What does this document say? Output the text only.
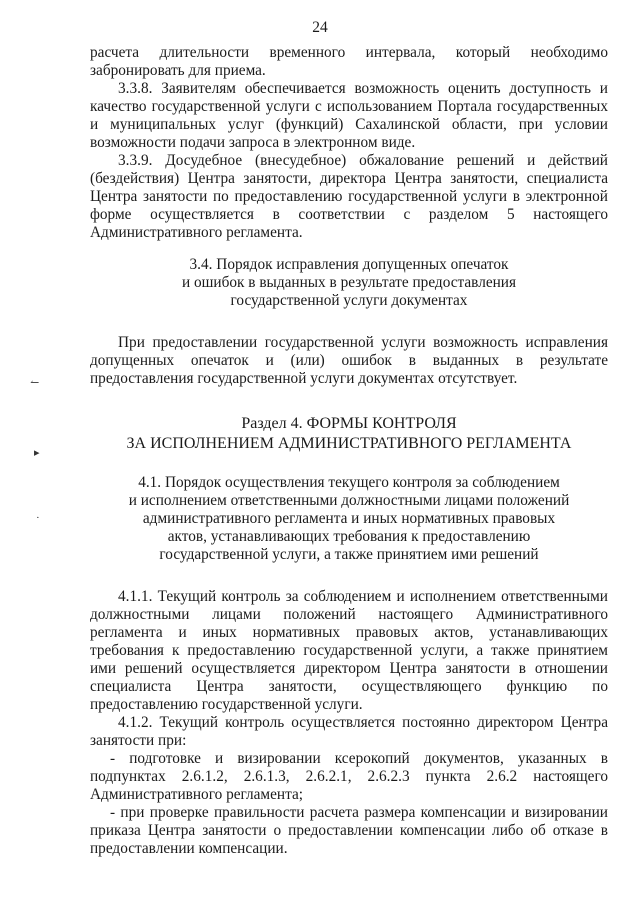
24
↼
▸
·

расчета длительности временного интервала, который необходимо забронировать для приема.

3.3.8. Заявителям обеспечивается возможность оценить доступность и качество государственной услуги с использованием Портала государственных и муниципальных услуг (функций) Сахалинской области, при условии возможности подачи запроса в электронном виде.

3.3.9. Досудебное (внесудебное) обжалование решений и действий (бездействия) Центра занятости, директора Центра занятости, специалиста Центра занятости по предоставлению государственной услуги в электронной форме осуществляется в соответствии с разделом 5 настоящего Административного регламента.

3.4. Порядок исправления допущенных опечаток
и ошибок в выданных в результате предоставления
государственной услуги документах

При предоставлении государственной услуги возможность исправления допущенных опечаток и (или) ошибок в выданных в результате предоставления государственной услуги документах отсутствует.

Раздел 4. ФОРМЫ КОНТРОЛЯ
ЗА ИСПОЛНЕНИЕМ АДМИНИСТРАТИВНОГО РЕГЛАМЕНТА
4.1. Порядок осуществления текущего контроля за соблюдением
и исполнением ответственными должностными лицами положений
административного регламента и иных нормативных правовых
актов, устанавливающих требования к предоставлению
государственной услуги, а также принятием ими решений

4.1.1. Текущий контроль за соблюдением и исполнением ответственными должностными лицами положений настоящего Административного регламента и иных нормативных правовых актов, устанавливающих требования к предоставлению государственной услуги, а также принятием ими решений осуществляется директором Центра занятости в отношении специалиста Центра занятости, осуществляющего функцию по предоставлению государственной услуги.

4.1.2. Текущий контроль осуществляется постоянно директором Центра занятости при:

- подготовке и визировании ксерокопий документов, указанных в подпунктах 2.6.1.2, 2.6.1.3, 2.6.2.1, 2.6.2.3 пункта 2.6.2 настоящего Административного регламента;

- при проверке правильности расчета размера компенсации и визировании приказа Центра занятости о предоставлении компенсации либо об отказе в предоставлении компенсации.
